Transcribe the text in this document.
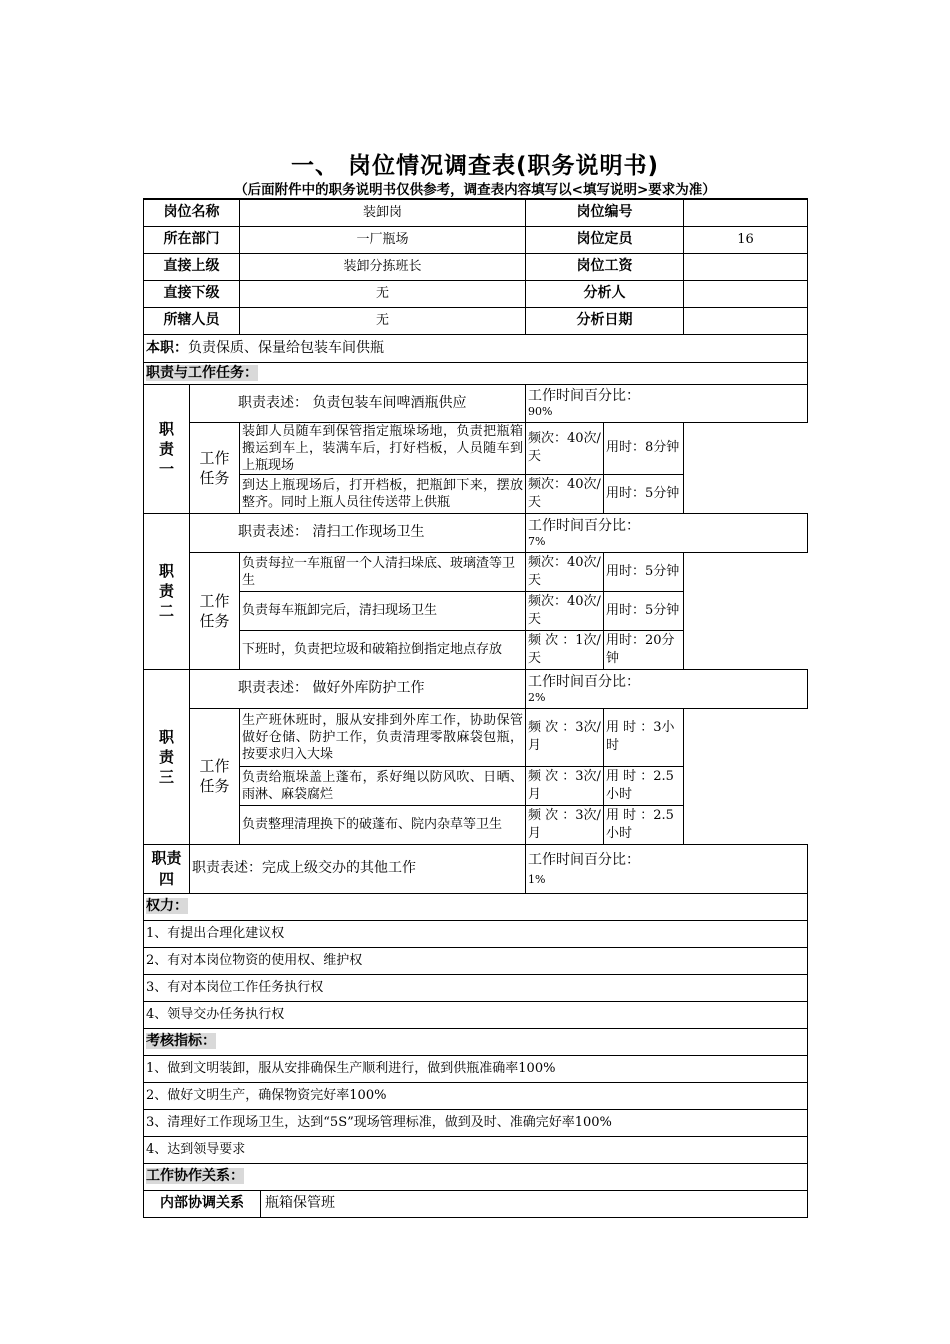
一、 岗位情况调查表(职务说明书)
（后面附件中的职务说明书仅供参考，调查表内容填写以<填写说明>要求为准）
岗位名称		装卸岗	岗位编号		
所在部门		一厂瓶场	岗位定员		16
直接上级		装卸分拣班长	岗位工资		
直接下级		无	分析人		
所辖人员		无	分析日期		
本职：负责保质、保量给包装车间供瓶					
职责与工作任务：					

职
责
一	职责表述： 负责包装车间啤酒瓶供应		工作时间百分比：
90%		

	工作
任务	装卸人员随车到保管指定瓶垛场地，负责把瓶箱搬运到车上，装满车后，打好档板，人员随车到上瓶现场	频次：40次/天	用时：8分钟	
		到达上瓶现场后，打开档板，把瓶卸下来，摆放整齐。同时上瓶人员往传送带上供瓶	频次：40次/天	用时：5分钟	

职
责
二	职责表述： 清扫工作现场卫生		工作时间百分比：
7%		

	工作
任务	负责每拉一车瓶留一个人清扫垛底、玻璃渣等卫生	频次：40次/天	用时：5分钟	
		负责每车瓶卸完后，清扫现场卫生	频次：40次/ 天	用时：5分钟	
		下班时，负责把垃圾和破箱拉倒指定地点存放	频 次 ：1次/ 天	用时：20分钟	

职
责
三	职责表述： 做好外库防护工作		工作时间百分比：
2%		

	工作
任务	生产班休班时，服从安排到外库工作，协助保管做好仓储、防护工作，负责清理零散麻袋包瓶，按要求归入大垛	频 次 ：3次/月	用 时 ：3小时	
		负责给瓶垛盖上蓬布，系好绳以防风吹、日晒、雨淋、麻袋腐烂	频 次 ：3次/月	用 时 ：2.5小时	
		负责整理清理换下的破蓬布、院内杂草等卫生	频 次 ：3次/月	用 时 ：2.5小时	

职责
四	职责表述：完成上级交办的其他工作		工作时间百分比：
1%		

权力：					
1、有提出合理化建议权					
2、有对本岗位物资的使用权、维护权					
3、有对本岗位工作任务执行权					
4、领导交办任务执行权					
考核指标：					
1、做到文明装卸，服从安排确保生产顺利进行，做到供瓶准确率100%					
2、做好文明生产，确保物资完好率100%					
3、清理好工作现场卫生，达到“5S”现场管理标准，做到及时、准确完好率100%					
4、达到领导要求					
工作协作关系：					

内部协调关系 瓶箱保管班					
